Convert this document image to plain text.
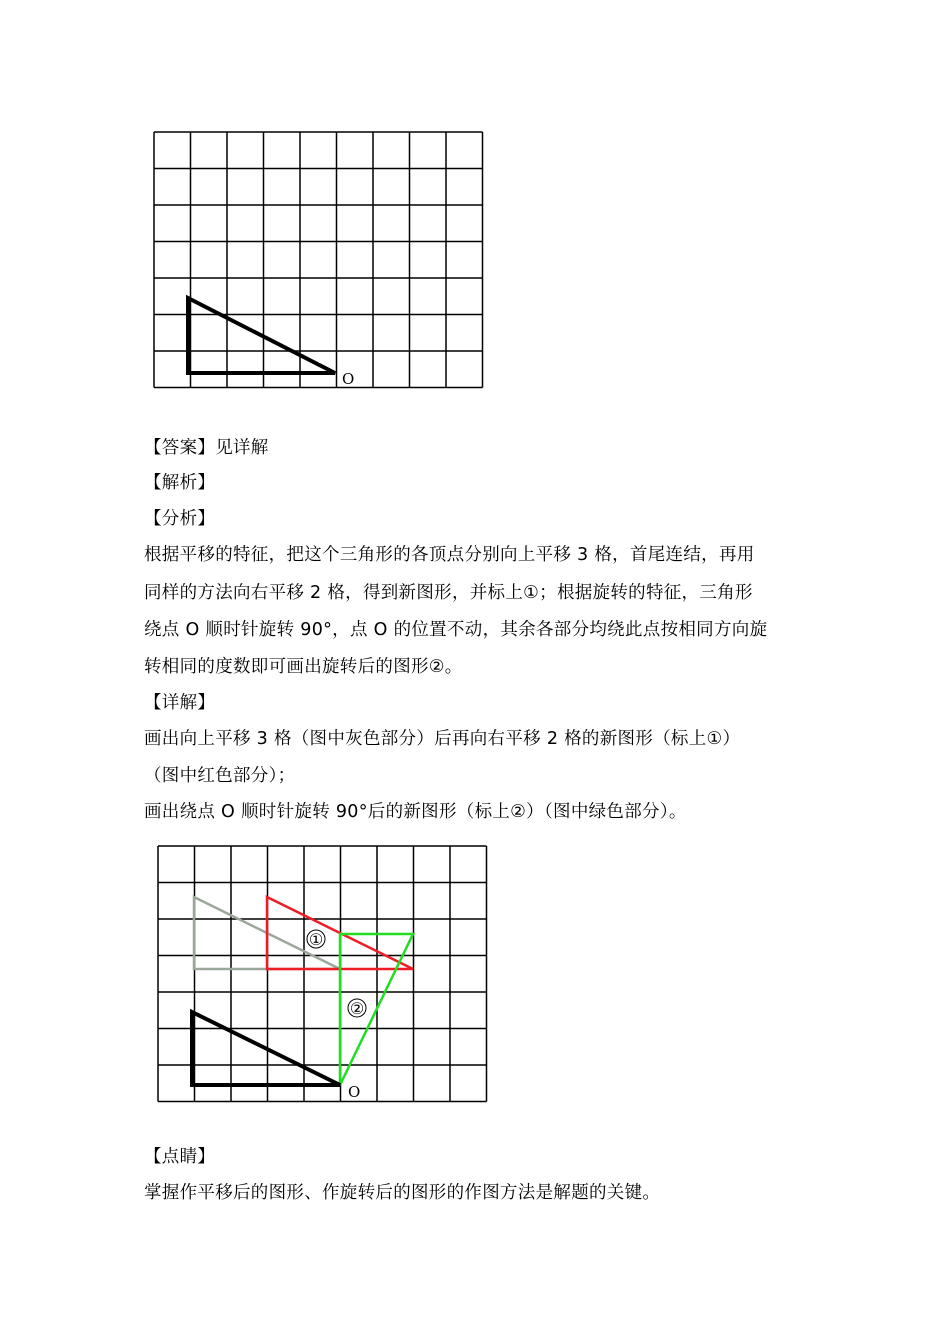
O

【答案】见详解

【解析】

【分析】

根据平移的特征，把这个三角形的各顶点分别向上平移 3 格，首尾连结，再用

同样的方法向右平移 2 格，得到新图形，并标上①；根据旋转的特征，三角形

绕点 O 顺时针旋转 90°，点 O 的位置不动，其余各部分均绕此点按相同方向旋

转相同的度数即可画出旋转后的图形②。

【详解】

画出向上平移 3 格（图中灰色部分）后再向右平移 2 格的新图形（标上①）

（图中红色部分）；

画出绕点 O 顺时针旋转 90°后的新图形（标上②）（图中绿色部分）。

①
②
O

【点睛】

掌握作平移后的图形、作旋转后的图形的作图方法是解题的关键。
